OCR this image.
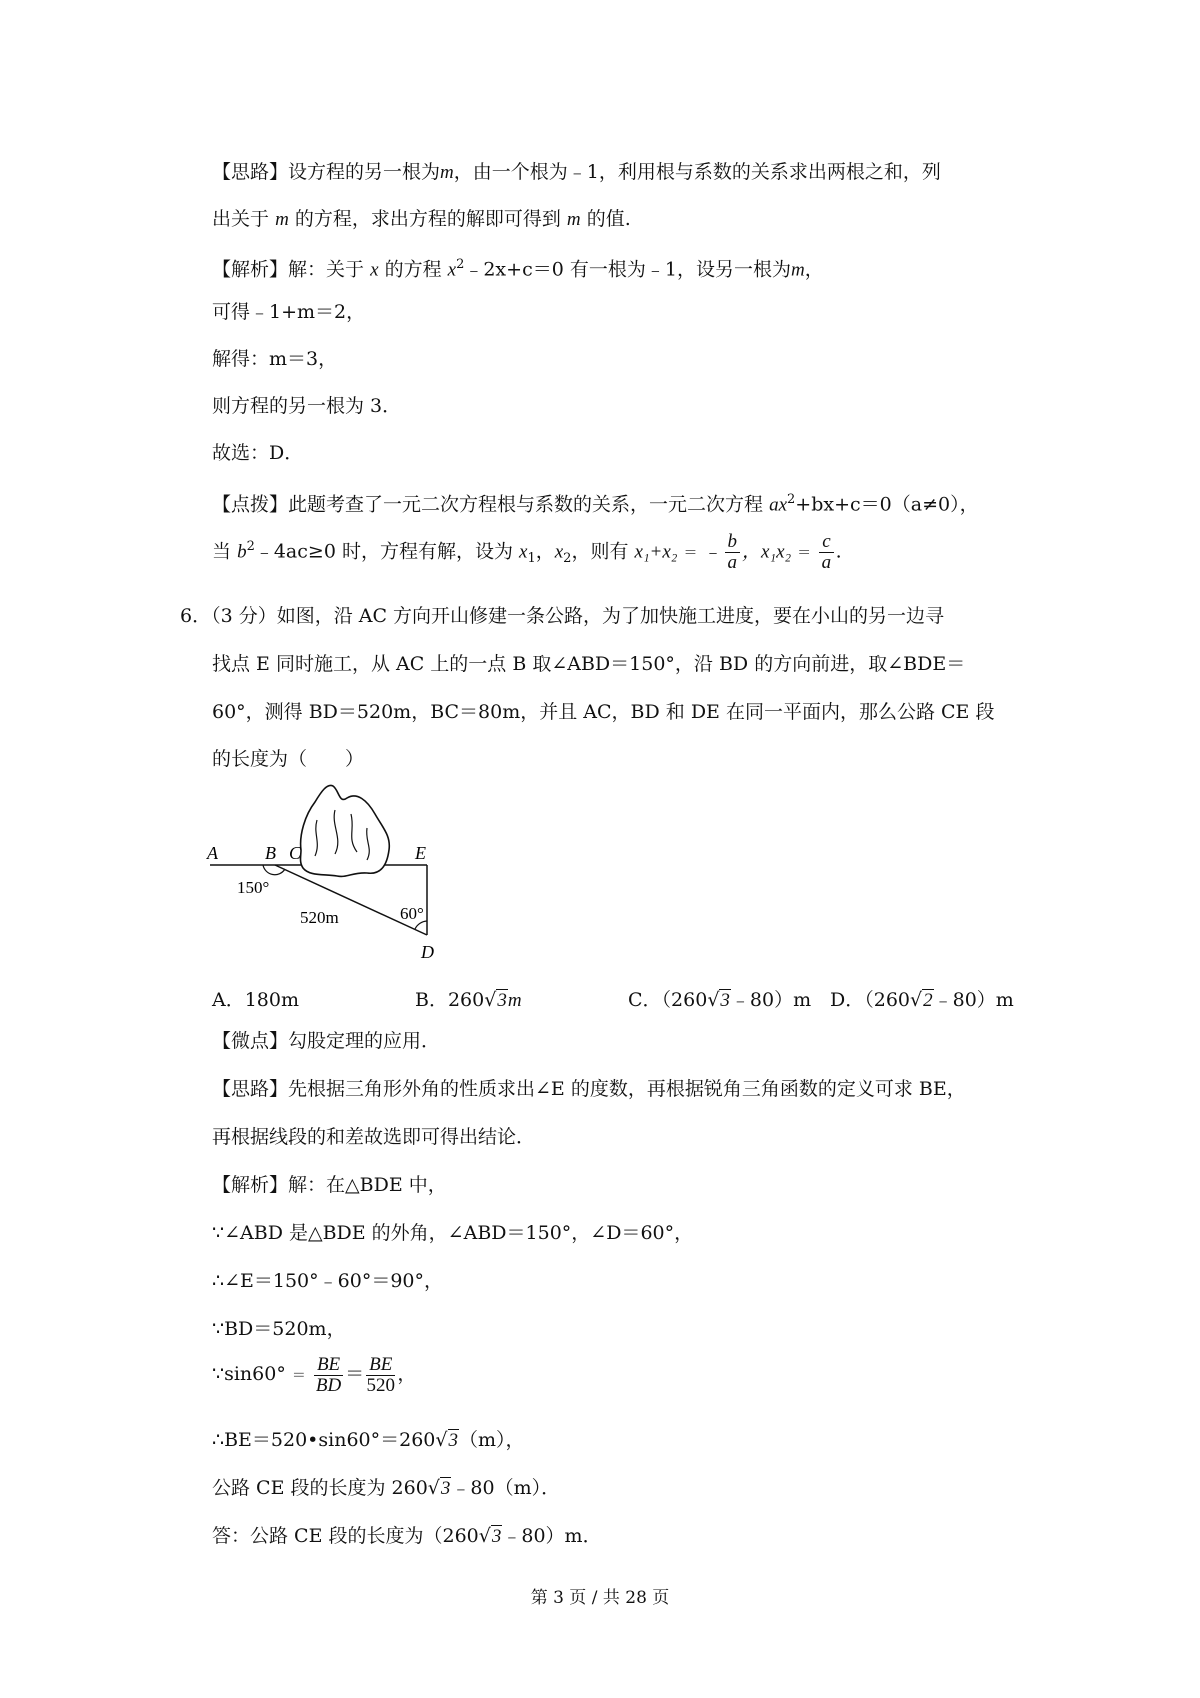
【思路】设方程的另一根为m，由一个根为﹣1，利用根与系数的关系求出两根之和，列
出关于 m 的方程，求出方程的解即可得到 m 的值.
【解析】解：关于 x 的方程 $x^2﹣2x+c=0$ 有一根为﹣1，设另一根为m，
可得﹣1+m＝2，
解得：m＝3，
则方程的另一根为 3．
故选：D．
【点拨】此题考查了一元二次方程根与系数的关系，一元二次方程 $ax^2+bx+c=0(a\ne 0)$，
当 $b^2﹣4ac\ge 0$ 时，方程有解，设为 $x_1$，$x_2$，则有 x₁+x₂ ＝ ﹣ $\frac{b}{a}$ ，$x_1x_2 = \frac{c}{a}$ .
6．（3 分）如图，沿 AC 方向开山修建一条公路，为了加快施工进度，要在小山的另一边寻
找点 E 同时施工，从 AC 上的一点 B 取∠ABD＝150°，沿 BD 的方向前进，取∠BDE＝
60°，测得 BD＝520m，BC＝80m，并且 AC，BD 和 DE 在同一平面内，那么公路 CE 段
的长度为（　　）
A	B C	E
D
150°
60°
520m
A．180m	B．260√3m	C．（260√3﹣80）m D．（260√2﹣80）m
【微点】勾股定理的应用．
【思路】先根据三角形外角的性质求出∠E 的度数，再根据锐角三角函数的定义可求 BE，
再根据线段的和差故选即可得出结论．
【解析】解：在△BDE 中，
∵∠ABD 是△BDE 的外角，∠ABD＝150°，∠D＝60°，
∴∠E＝150°﹣60°＝90°，
∵BD＝520m，
∵sin60° ＝ $\frac{BE}{BD} = \frac{BE}{520}$ ，
∴BE＝520•sin60°＝260√3（m），
公路 CE 段的长度为 260√3﹣80（m）．
答：公路 CE 段的长度为（260√3﹣80）m．
第 3 页 / 共 28 页
